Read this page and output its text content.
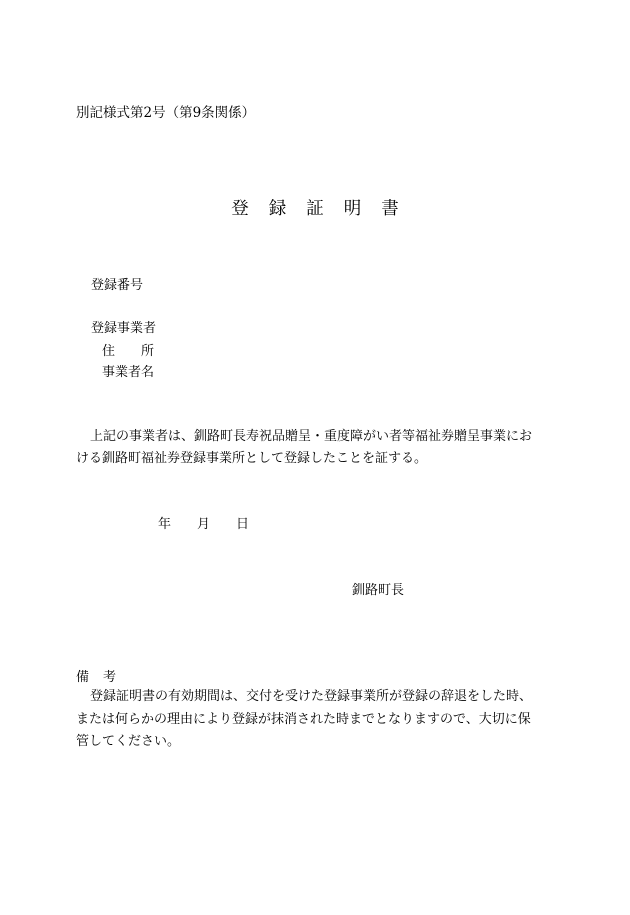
別記様式第2号（第9条関係）
登録証明書
登録番号
登録事業者
住所
事業者名
上記の事業者は、釧路町長寿祝品贈呈・重度障がい者等福祉券贈呈事業にお
ける釧路町福祉券登録事業所として登録したことを証する。
年 月 日
釧路町長
備考
登録証明書の有効期間は、交付を受けた登録事業所が登録の辞退をした時、
または何らかの理由により登録が抹消された時までとなりますので、大切に保
管してください。
